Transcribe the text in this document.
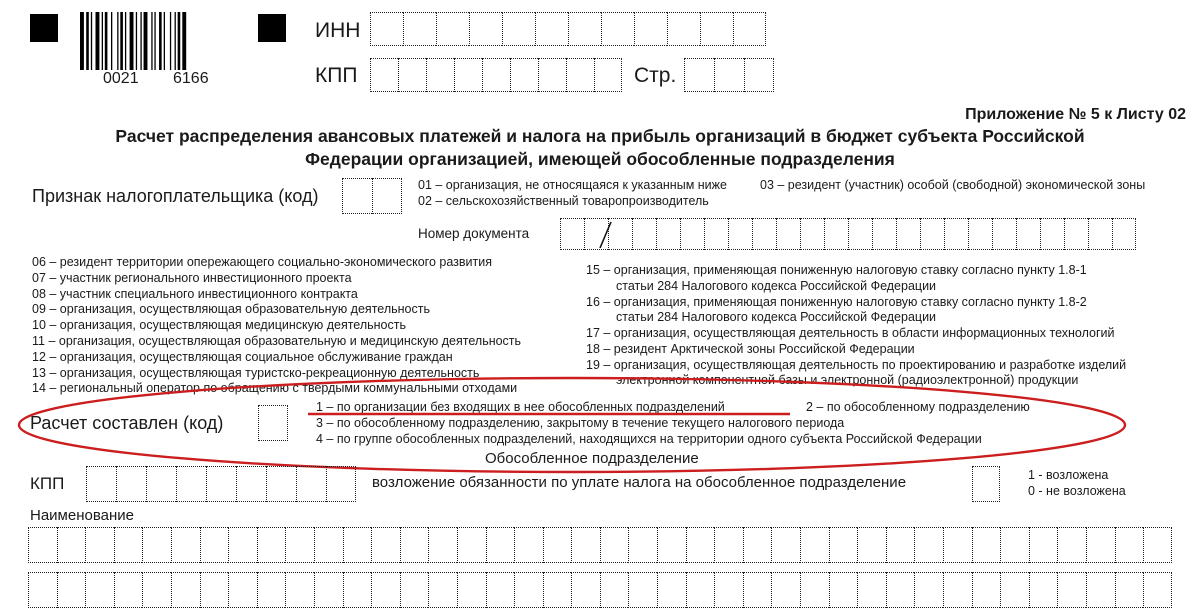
0021 6166
ИНН
КПП	Стр.
Приложение № 5 к Листу 02
Расчет распределения авансовых платежей и налога на прибыль организаций в бюджет субъекта Российской
Федерации организацией, имеющей обособленные подразделения
Признак налогоплательщика (код)
01 – организация, не относящаяся к указанным ниже	03 – резидент (участник) особой (свободной) экономической зоны
02 – сельскохозяйственный товаропроизводитель
Номер документа
06 – резидент территории опережающего социально-экономического развития
07 – участник регионального инвестиционного проекта
08 – участник специального инвестиционного контракта
09 – организация, осуществляющая образовательную деятельность
10 – организация, осуществляющая медицинскую деятельность
11 – организация, осуществляющая образовательную и медицинскую деятельность
12 – организация, осуществляющая социальное обслуживание граждан
13 – организация, осуществляющая туристско-рекреационную деятельность
14 – региональный оператор по обращению с твердыми коммунальными отходами
15 – организация, применяющая пониженную налоговую ставку согласно пункту 1.8-1
статьи 284 Налогового кодекса Российской Федерации
16 – организация, применяющая пониженную налоговую ставку согласно пункту 1.8-2
статьи 284 Налогового кодекса Российской Федерации
17 – организация, осуществляющая деятельность в области информационных технологий
18 – резидент Арктической зоны Российской Федерации
19 – организация, осуществляющая деятельность по проектированию и разработке изделий
электронной компонентной базы и электронной (радиоэлектронной) продукции
Расчет составлен (код)
1 – по организации без входящих в нее обособленных подразделений	2 – по обособленному подразделению
3 – по обособленному подразделению, закрытому в течение текущего налогового периода
4 – по группе обособленных подразделений, находящихся на территории одного субъекта Российской Федерации
Обособленное подразделение
КПП	возложение обязанности по уплате налога на обособленное подразделение	1 - возложена
0 - не возложена
Наименование
